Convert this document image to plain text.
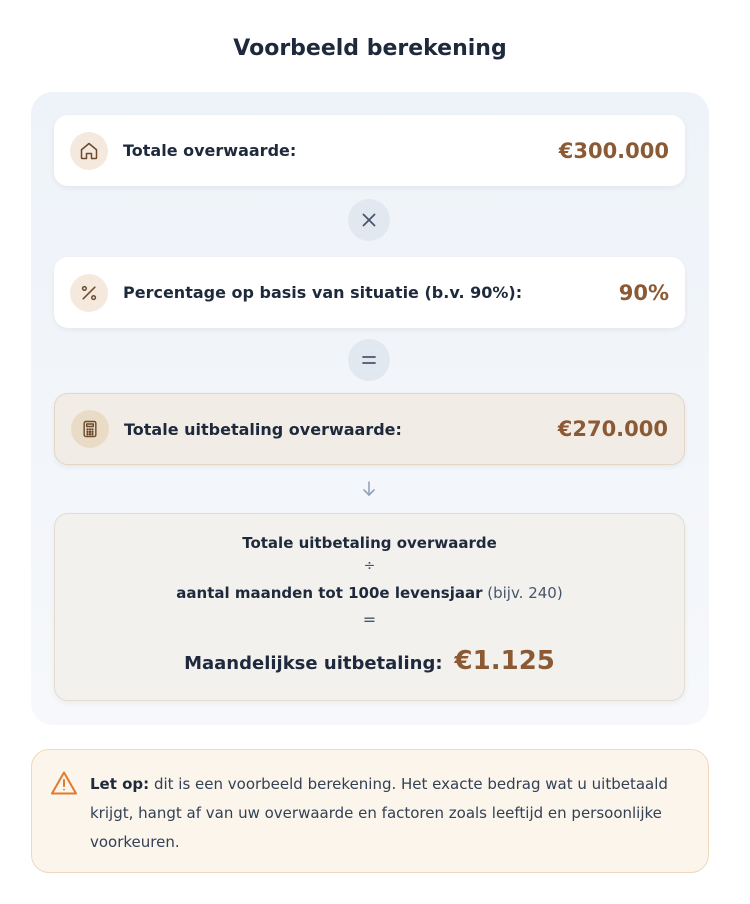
Voorbeeld berekening
Totale overwaarde:	€300.000
Percentage op basis van situatie (b.v. 90%):	90%
Totale uitbetaling overwaarde:	€270.000
Totale uitbetaling overwaarde
÷
aantal maanden tot 100e levensjaar (bijv. 240)
=
Maandelijkse uitbetaling: €1.125

Let op: dit is een voorbeeld berekening. Het exacte bedrag wat u uitbetaald krijgt, hangt af van uw overwaarde en factoren zoals leeftijd en persoonlijke voorkeuren.
